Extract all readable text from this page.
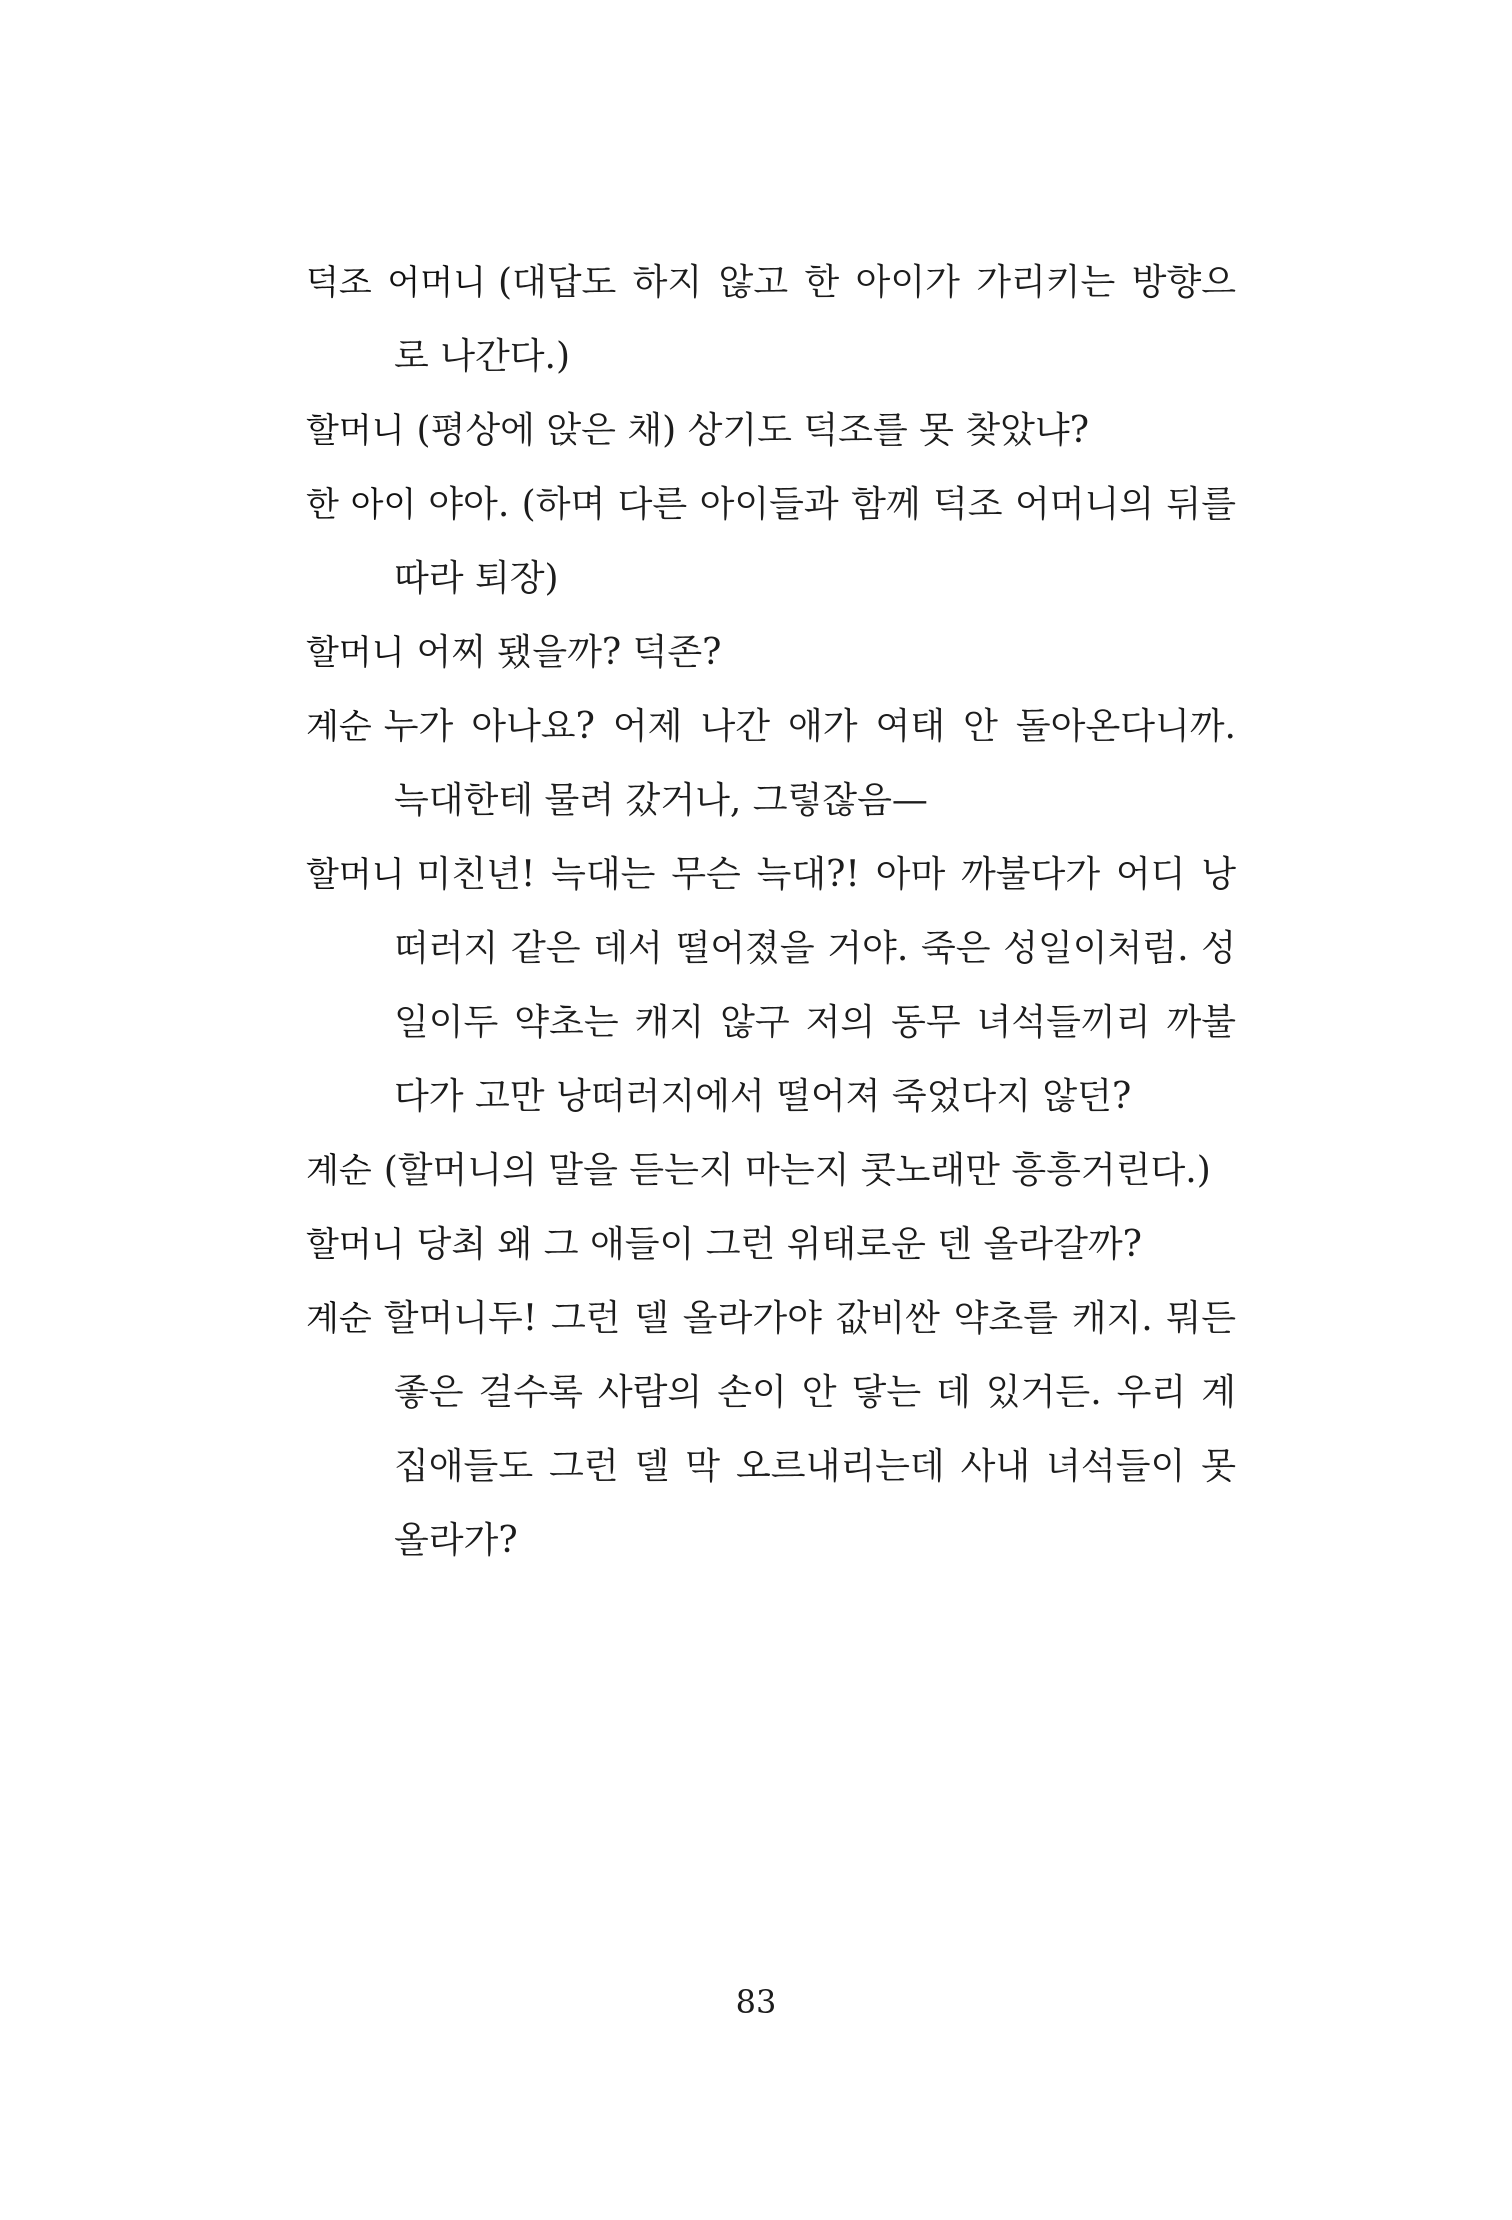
덕조 어머니 (대답도 하지 않고 한 아이가 가리키는 방향으로 나간다.)
할머니 (평상에 앉은 채) 상기도 덕조를 못 찾았냐?
한 아이 야아. (하며 다른 아이들과 함께 덕조 어머니의 뒤를 따라 퇴장)
할머니 어찌 됐을까? 덕존?
계순 누가 아나요? 어제 나간 애가 여태 안 돌아온다니까. 늑대한테 물려 갔거나, 그렇잖음—
할머니 미친년! 늑대는 무슨 늑대?! 아마 까불다가 어디 낭떠러지 같은 데서 떨어졌을 거야. 죽은 성일이처럼. 성일이두 약초는 캐지 않구 저의 동무 녀석들끼리 까불다가 고만 낭떠러지에서 떨어져 죽었다지 않던?
계순 (할머니의 말을 듣는지 마는지 콧노래만 흥흥거린다.)
할머니 당최 왜 그 애들이 그런 위태로운 덴 올라갈까?
계순 할머니두! 그런 델 올라가야 값비싼 약초를 캐지. 뭐든 좋은 걸수록 사람의 손이 안 닿는 데 있거든. 우리 계집애들도 그런 델 막 오르내리는데 사내 녀석들이 못 올라가?
83
